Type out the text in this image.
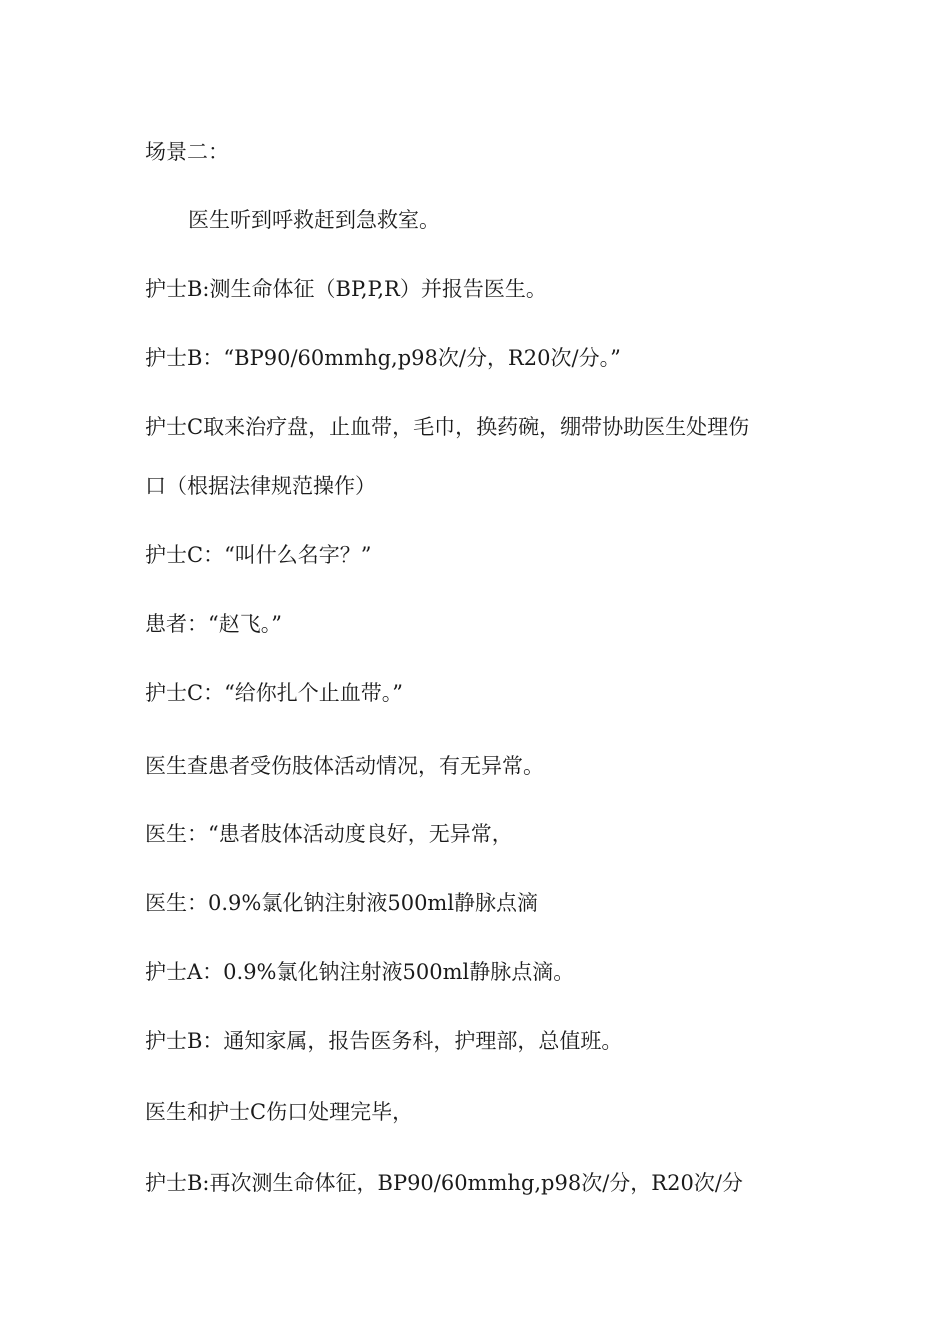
场景二：
医生听到呼救赶到急救室。
护士B:测生命体征（BP,P,R）并报告医生。
护士B：“BP90/60mmhg,p98次/分，R20次/分。”
护士C取来治疗盘，止血带，毛巾，换药碗，绷带协助医生处理伤
口（根据法律规范操作）
护士C：“叫什么名字？”
患者：“赵飞。”
护士C：“给你扎个止血带。”
医生查患者受伤肢体活动情况，有无异常。
医生：“患者肢体活动度良好，无异常，
医生：0.9%氯化钠注射液500ml静脉点滴
护士A：0.9%氯化钠注射液500ml静脉点滴。
护士B：通知家属，报告医务科，护理部，总值班。
医生和护士C伤口处理完毕，
护士B:再次测生命体征，BP90/60mmhg,p98次/分，R20次/分
